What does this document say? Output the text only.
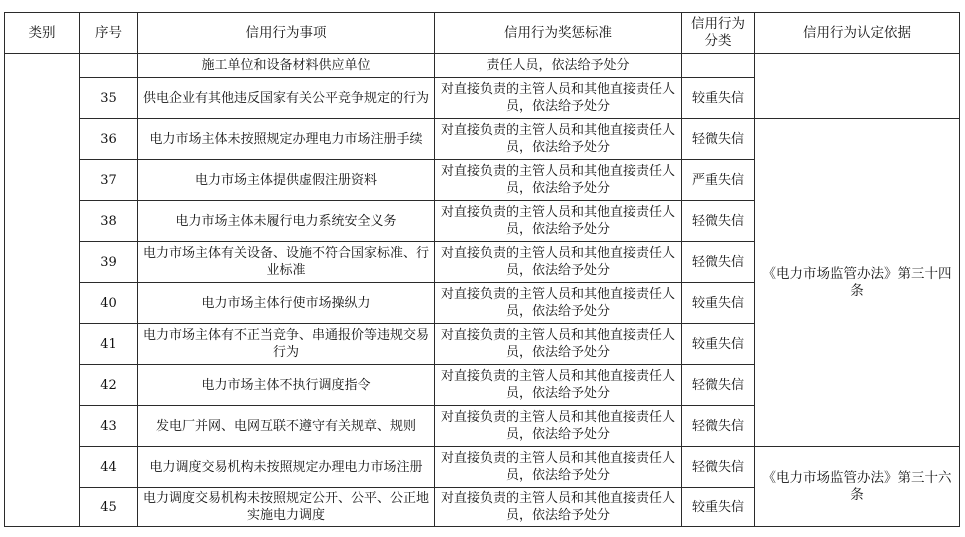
类别	序号	信用行为事项	信用行为奖惩标准	信用行为分类	信用行为认定依据
		施工单位和设备材料供应单位	责任人员，依法给予处分		
	35	供电企业有其他违反国家有关公平竞争规定的行为	对直接负责的主管人员和其他直接责任人员，依法给予处分	较重失信	
	36	电力市场主体未按照规定办理电力市场注册手续	对直接负责的主管人员和其他直接责任人员，依法给予处分	轻微失信	《电力市场监管办法》第三十四条
	37	电力市场主体提供虚假注册资料	对直接负责的主管人员和其他直接责任人员，依法给予处分	严重失信	
	38	电力市场主体未履行电力系统安全义务	对直接负责的主管人员和其他直接责任人员，依法给予处分	轻微失信	
	39	电力市场主体有关设备、设施不符合国家标准、行业标准	对直接负责的主管人员和其他直接责任人员，依法给予处分	轻微失信	
	40	电力市场主体行使市场操纵力	对直接负责的主管人员和其他直接责任人员，依法给予处分	较重失信	
	41	电力市场主体有不正当竞争、串通报价等违规交易行为	对直接负责的主管人员和其他直接责任人员，依法给予处分	较重失信	
	42	电力市场主体不执行调度指令	对直接负责的主管人员和其他直接责任人员，依法给予处分	轻微失信	
	43	发电厂并网、电网互联不遵守有关规章、规则	对直接负责的主管人员和其他直接责任人员，依法给予处分	轻微失信	
	44	电力调度交易机构未按照规定办理电力市场注册	对直接负责的主管人员和其他直接责任人员，依法给予处分	轻微失信	《电力市场监管办法》第三十六条
	45	电力调度交易机构未按照规定公开、公平、公正地实施电力调度	对直接负责的主管人员和其他直接责任人员，依法给予处分	较重失信	
